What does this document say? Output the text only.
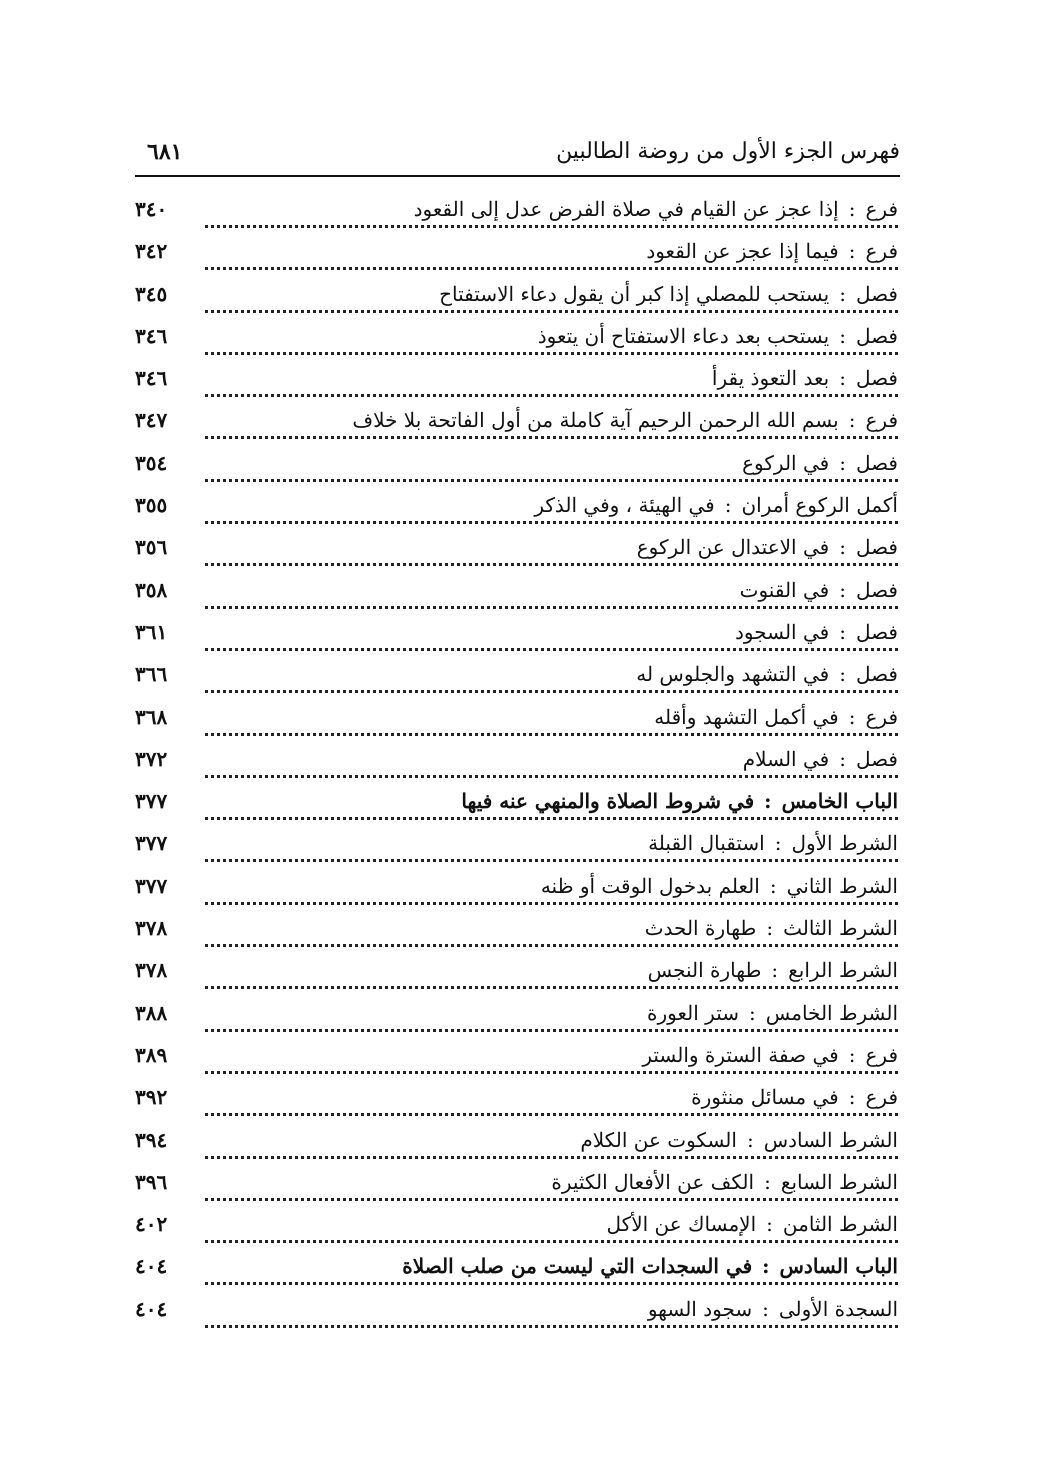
فهرس الجزء الأول من روضة الطالبين
٦٨١
فرع:إذا عجز عن القيام في صلاة الفرض عدل إلى القعود
٣٤٠
فرع:فيما إذا عجز عن القعود
٣٤٢
فصل:يستحب للمصلي إذا كبر أن يقول دعاء الاستفتاح
٣٤٥
فصل:يستحب بعد دعاء الاستفتاح أن يتعوذ
٣٤٦
فصل:بعد التعوذ يقرأ
٣٤٦
فرع:بسم الله الرحمن الرحيم آية كاملة من أول الفاتحة بلا خلاف
٣٤٧
فصل:في الركوع
٣٥٤
أكمل الركوع أمران:في الهيئة ، وفي الذكر
٣٥٥
فصل:في الاعتدال عن الركوع
٣٥٦
فصل:في القنوت
٣٥٨
فصل:في السجود
٣٦١
فصل:في التشهد والجلوس له
٣٦٦
فرع:في أكمل التشهد وأقله
٣٦٨
فصل:في السلام
٣٧٢
الباب الخامس:في شروط الصلاة والمنهي عنه فيها
٣٧٧
الشرط الأول:استقبال القبلة
٣٧٧
الشرط الثاني:العلم بدخول الوقت أو ظنه
٣٧٧
الشرط الثالث:طهارة الحدث
٣٧٨
الشرط الرابع:طهارة النجس
٣٧٨
الشرط الخامس:ستر العورة
٣٨٨
فرع:في صفة السترة والستر
٣٨٩
فرع:في مسائل منثورة
٣٩٢
الشرط السادس:السكوت عن الكلام
٣٩٤
الشرط السابع:الكف عن الأفعال الكثيرة
٣٩٦
الشرط الثامن:الإمساك عن الأكل
٤٠٢
الباب السادس:في السجدات التي ليست من صلب الصلاة
٤٠٤
السجدة الأولى:سجود السهو
٤٠٤
